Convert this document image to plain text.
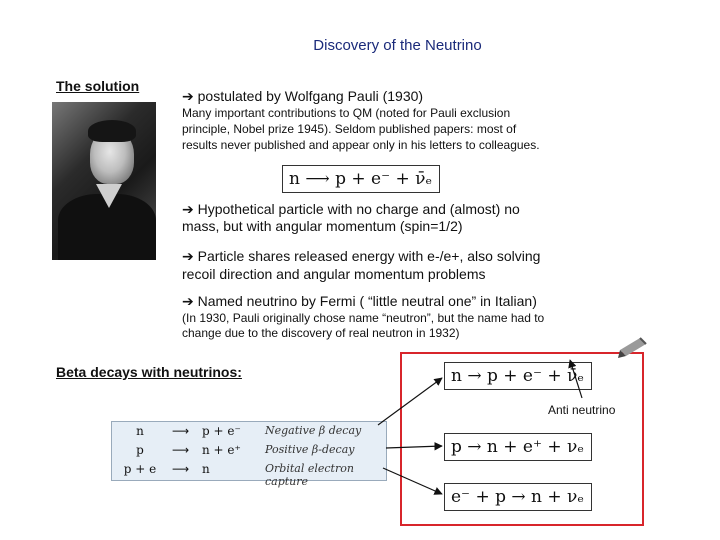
Discovery of the Neutrino
The solution
➔ postulated by Wolfgang Pauli (1930)
Many important contributions to QM (noted for Pauli exclusion
principle, Nobel prize 1945). Seldom published papers: most of
results never published and appear only in his letters to colleagues.
n ⟶ p + e⁻ + ν̄ₑ
➔ Hypothetical particle with no charge and (almost) no
mass, but with angular momentum (spin=1/2)
➔ Particle shares released energy with e-/e+, also solving
recoil direction and angular momentum problems
➔ Named neutrino by Fermi ( “little neutral one” in Italian)
(In 1930, Pauli originally chose name “neutron”, but the name had to
change due to the discovery of real neutron in 1932)
Beta decays with neutrinos:
n	⟶ p + e⁻ Negative β decay
p	⟶ n + e⁺ Positive β-decay
p + e	⟶ n	Orbital electron capture
n → p + e⁻ + ν̄ₑ
Anti neutrino
p → n + e⁺ + νₑ
e⁻ + p → n + νₑ
